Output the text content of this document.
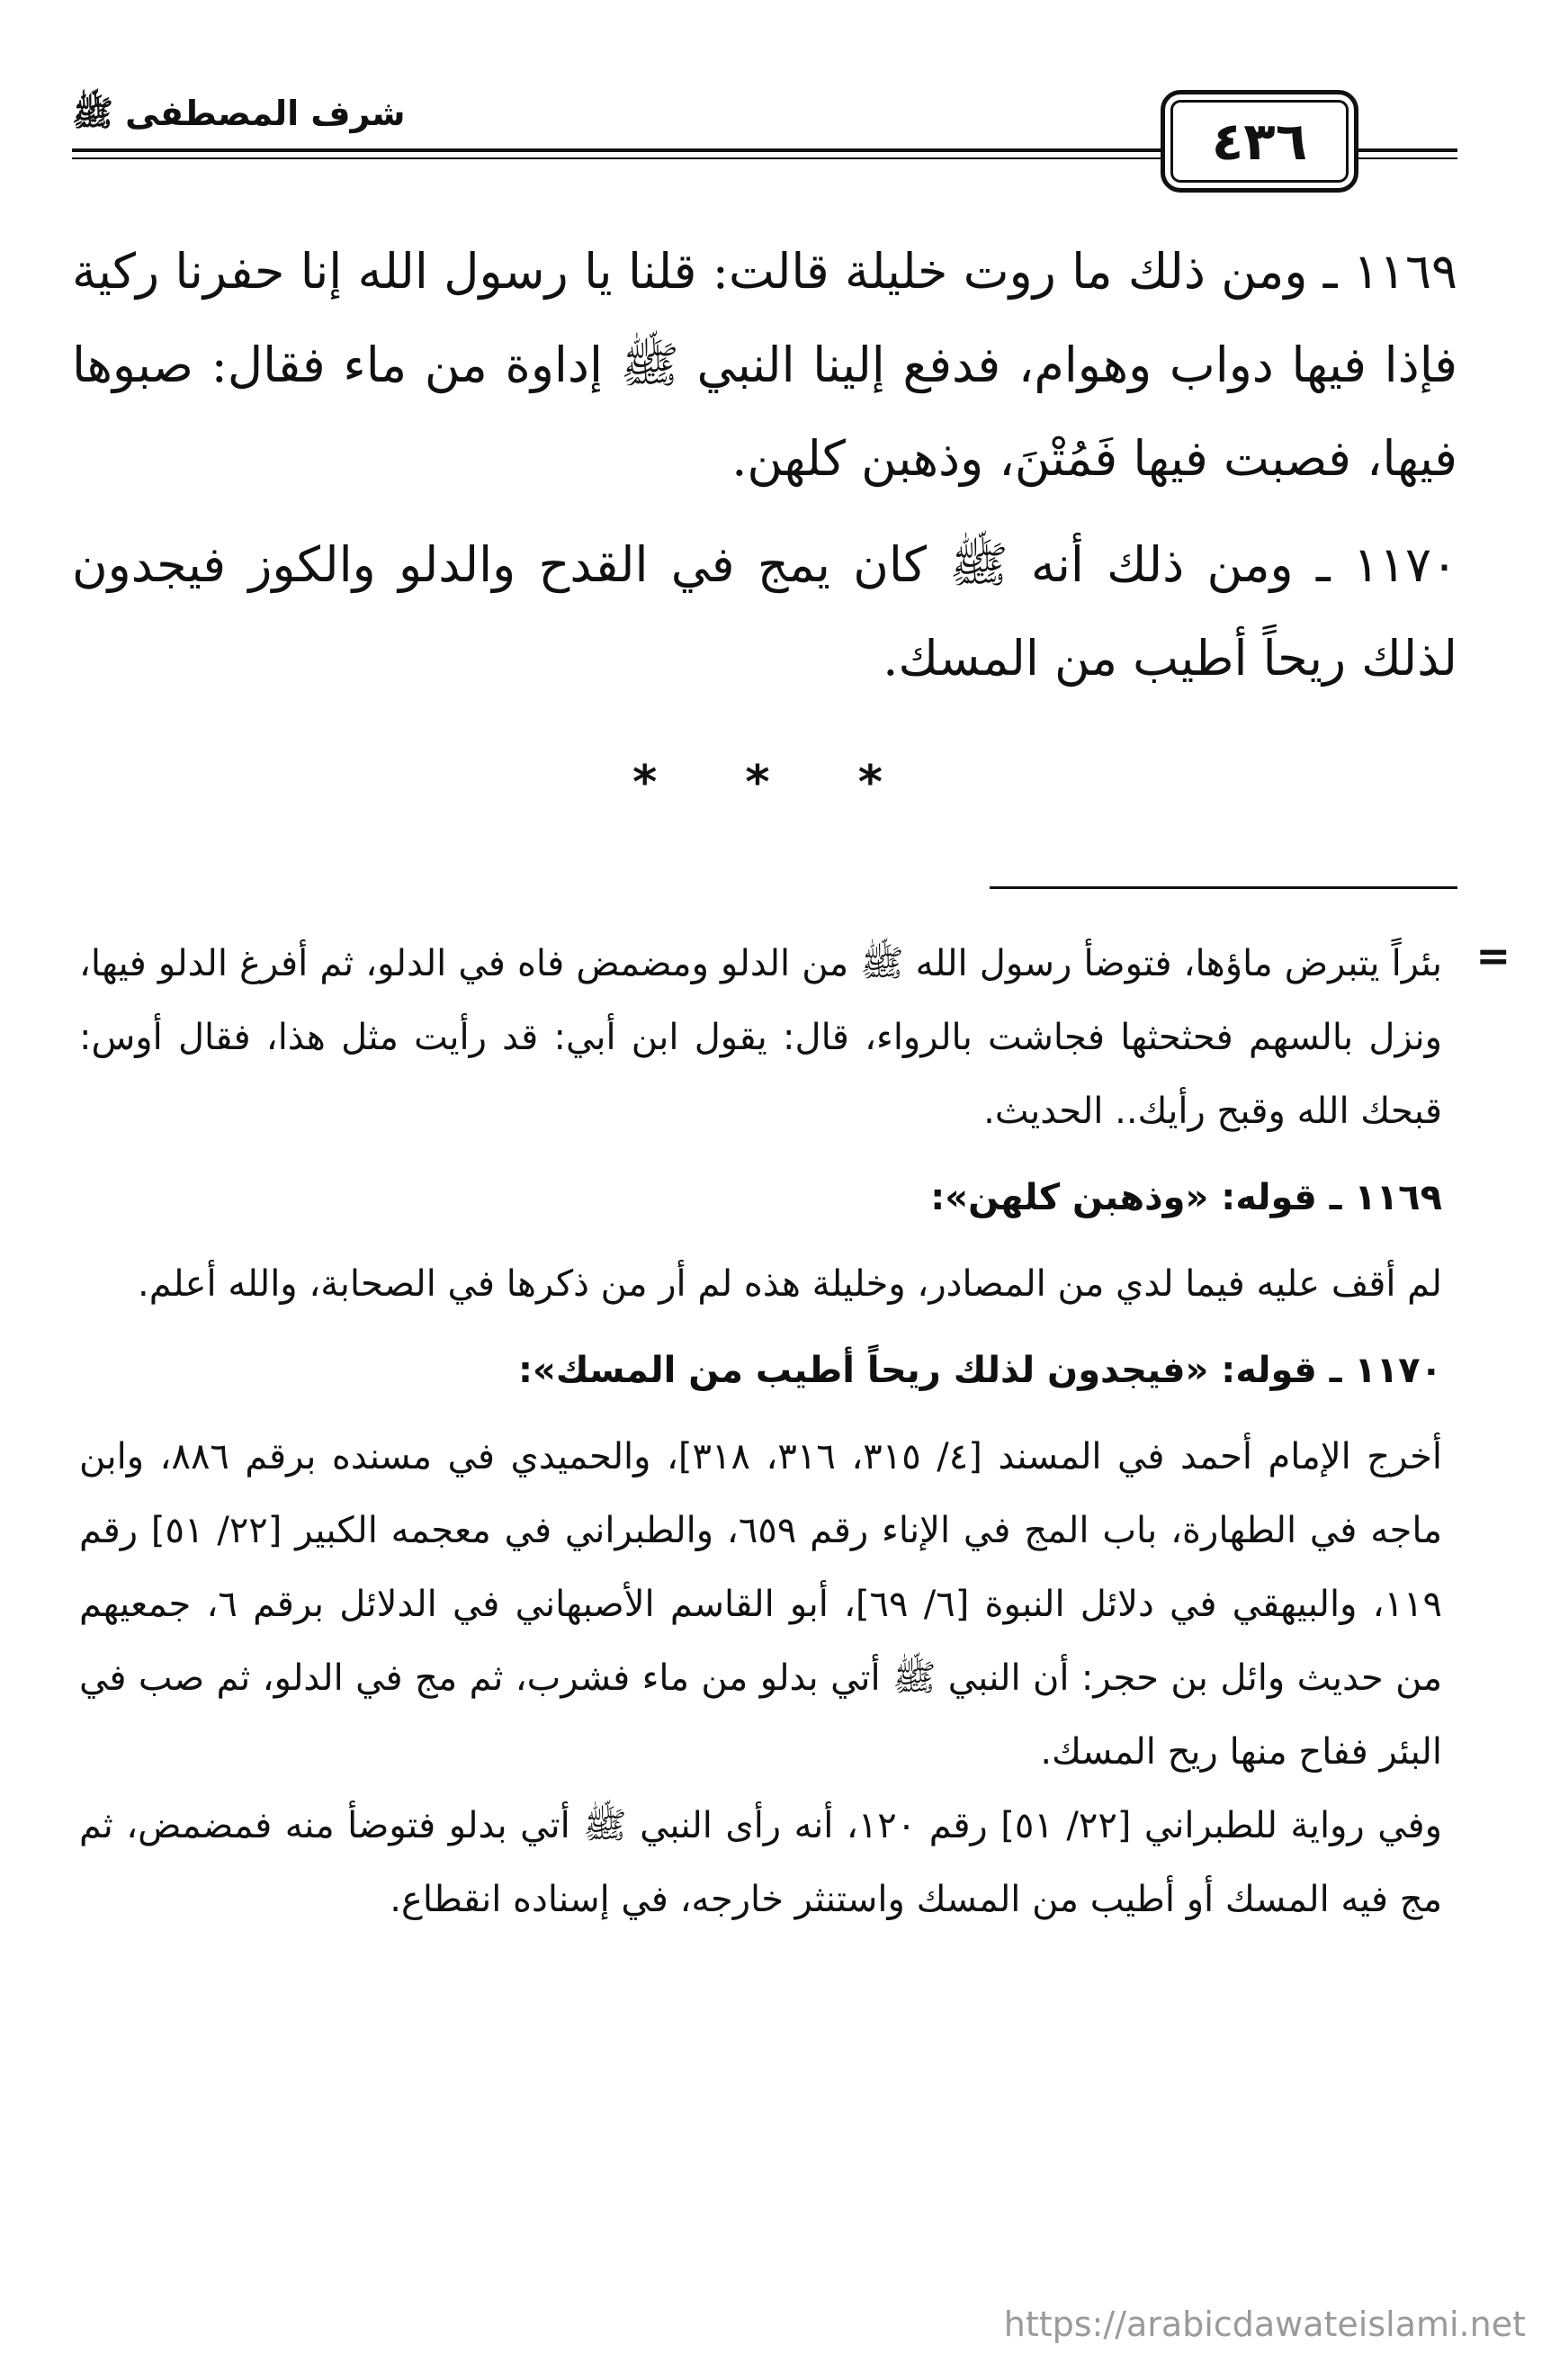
٤٣٦
شرف المصطفى ﷺ

١١٦٩ ـ ومن ذلك ما روت خليلة قالت: قلنا يا رسول الله إنا حفرنا ركية فإذا فيها دواب وهوام، فدفع إلينا النبي ﷺ إداوة من ماء فقال: صبوها فيها، فصبت فيها فَمُتْنَ، وذهبن كلهن.

١١٧٠ ـ ومن ذلك أنه ﷺ كان يمج في القدح والدلو والكوز فيجدون لذلك ريحاً أطيب من المسك.

* * *
=

بئراً يتبرض ماؤها، فتوضأ رسول الله ﷺ من الدلو ومضمض فاه في الدلو، ثم أفرغ الدلو فيها، ونزل بالسهم فحثحثها فجاشت بالرواء، قال: يقول ابن أبي: قد رأيت مثل هذا، فقال أوس: قبحك الله وقبح رأيك.. الحديث.

١١٦٩ ـ قوله: «وذهبن كلهن»:

لم أقف عليه فيما لدي من المصادر، وخليلة هذه لم أر من ذكرها في الصحابة، والله أعلم.

١١٧٠ ـ قوله: «فيجدون لذلك ريحاً أطيب من المسك»:

أخرج الإمام أحمد في المسند [٤/ ٣١٥، ٣١٦، ٣١٨]، والحميدي في مسنده برقم ٨٨٦، وابن ماجه في الطهارة، باب المج في الإناء رقم ٦٥٩، والطبراني في معجمه الكبير [٢٢/ ٥١] رقم ١١٩، والبيهقي في دلائل النبوة [٦/ ٦٩]، أبو القاسم الأصبهاني في الدلائل برقم ٦، جمعيهم من حديث وائل بن حجر: أن النبي ﷺ أتي بدلو من ماء فشرب، ثم مج في الدلو، ثم صب في البئر ففاح منها ريح المسك.

وفي رواية للطبراني [٢٢/ ٥١] رقم ١٢٠، أنه رأى النبي ﷺ أتي بدلو فتوضأ منه فمضمض، ثم مج فيه المسك أو أطيب من المسك واستنثر خارجه، في إسناده انقطاع.

https://arabicdawateislami.net
